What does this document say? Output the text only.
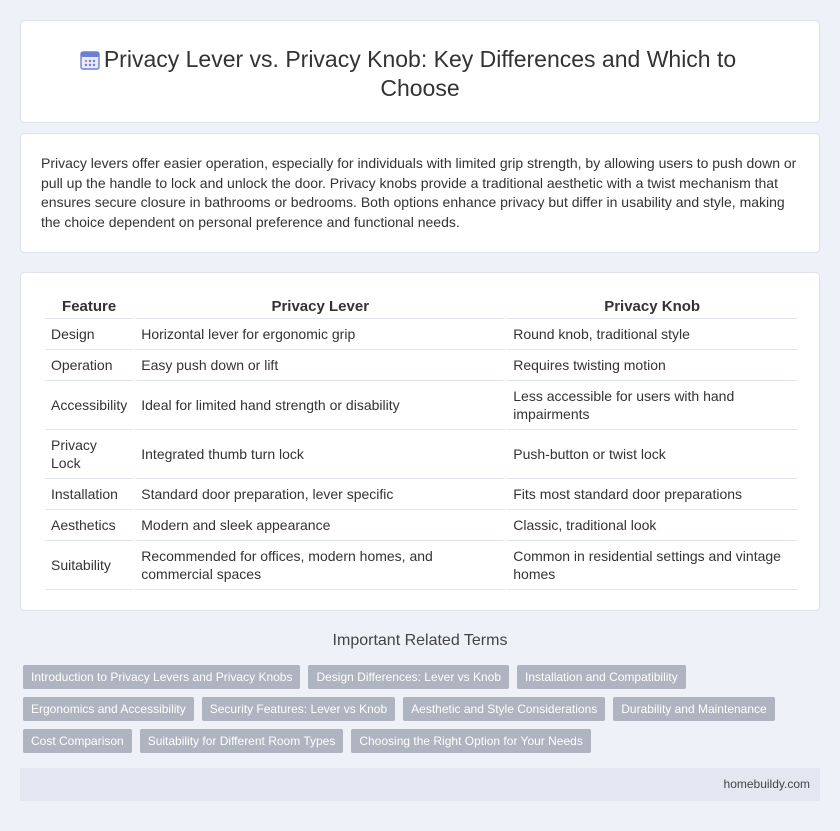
Privacy Lever vs. Privacy Knob: Key Differences and Which to Choose

Privacy levers offer easier operation, especially for individuals with limited grip strength, by allowing users to push down or pull up the handle to lock and unlock the door. Privacy knobs provide a traditional aesthetic with a twist mechanism that ensures secure closure in bathrooms or bedrooms. Both options enhance privacy but differ in usability and style, making the choice dependent on personal preference and functional needs.

Feature	Privacy Lever	Privacy Knob
Design	Horizontal lever for ergonomic grip	Round knob, traditional style
Operation	Easy push down or lift	Requires twisting motion
Accessibility	Ideal for limited hand strength or disability	Less accessible for users with hand impairments
Privacy Lock	Integrated thumb turn lock	Push-button or twist lock
Installation	Standard door preparation, lever specific	Fits most standard door preparations
Aesthetics	Modern and sleek appearance	Classic, traditional look
Suitability	Recommended for offices, modern homes, and commercial spaces	Common in residential settings and vintage homes
Important Related Terms
Introduction to Privacy Levers and Privacy Knobs	Design Differences: Lever vs Knob	Installation and Compatibility
Ergonomics and Accessibility	Security Features: Lever vs Knob	Aesthetic and Style Considerations	Durability and Maintenance
Cost Comparison	Suitability for Different Room Types	Choosing the Right Option for Your Needs
homebuildy.com
